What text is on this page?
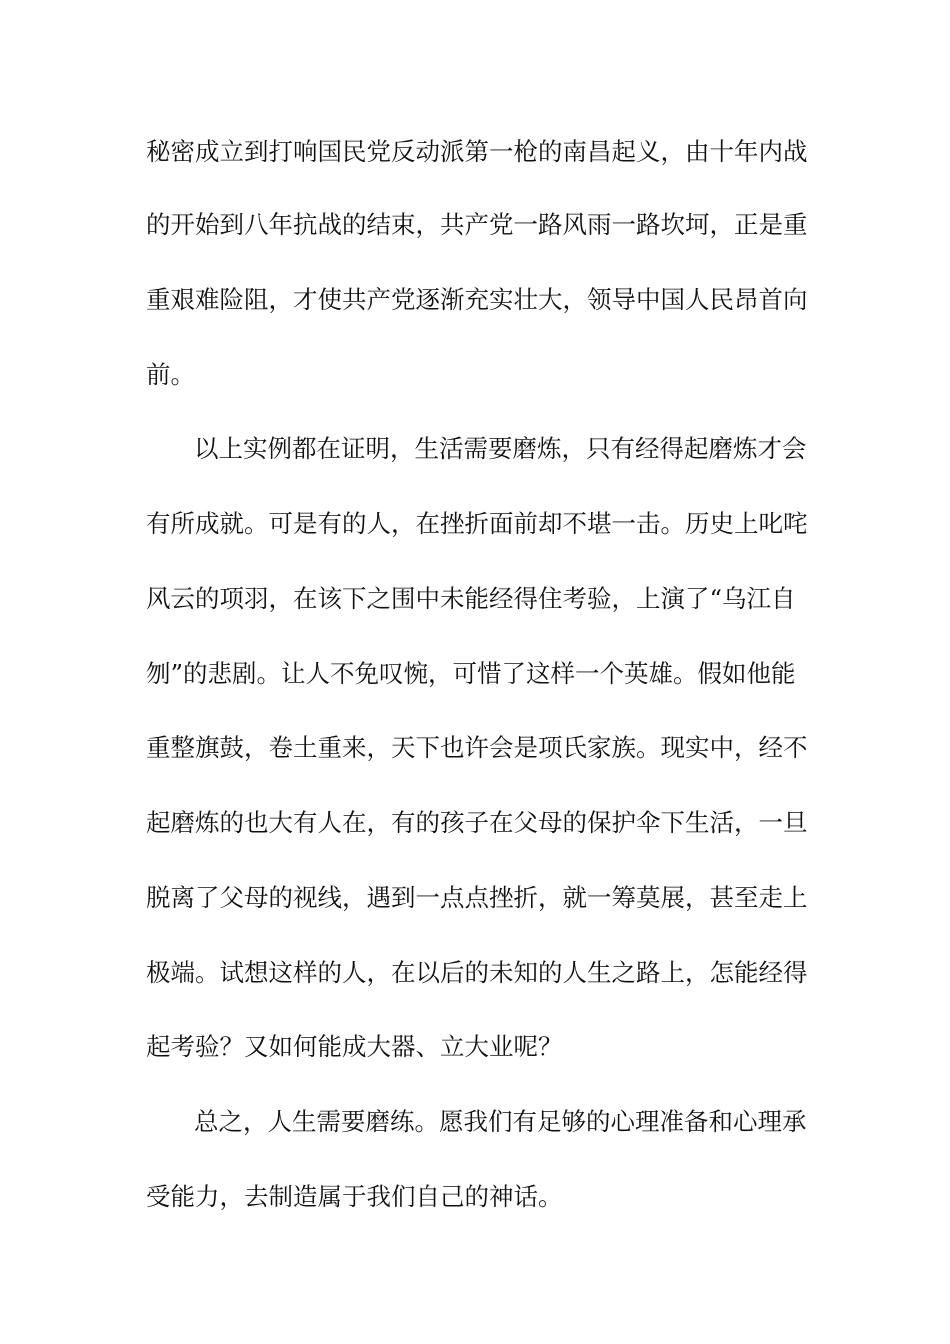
秘密成立到打响国民党反动派第一枪的南昌起义，由十年内战
的开始到八年抗战的结束，共产党一路风雨一路坎坷，正是重
重艰难险阻，才使共产党逐渐充实壮大，领导中国人民昂首向
前。
以上实例都在证明，生活需要磨炼，只有经得起磨炼才会
有所成就。可是有的人，在挫折面前却不堪一击。历史上叱咤
风云的项羽，在该下之围中未能经得住考验，上演了“乌江自
刎”的悲剧。让人不免叹惋，可惜了这样一个英雄。假如他能
重整旗鼓，卷土重来，天下也许会是项氏家族。现实中，经不
起磨炼的也大有人在，有的孩子在父母的保护伞下生活，一旦
脱离了父母的视线，遇到一点点挫折，就一筹莫展，甚至走上
极端。试想这样的人，在以后的未知的人生之路上，怎能经得
起考验？又如何能成大器、立大业呢？
总之，人生需要磨练。愿我们有足够的心理准备和心理承
受能力，去制造属于我们自己的神话。
